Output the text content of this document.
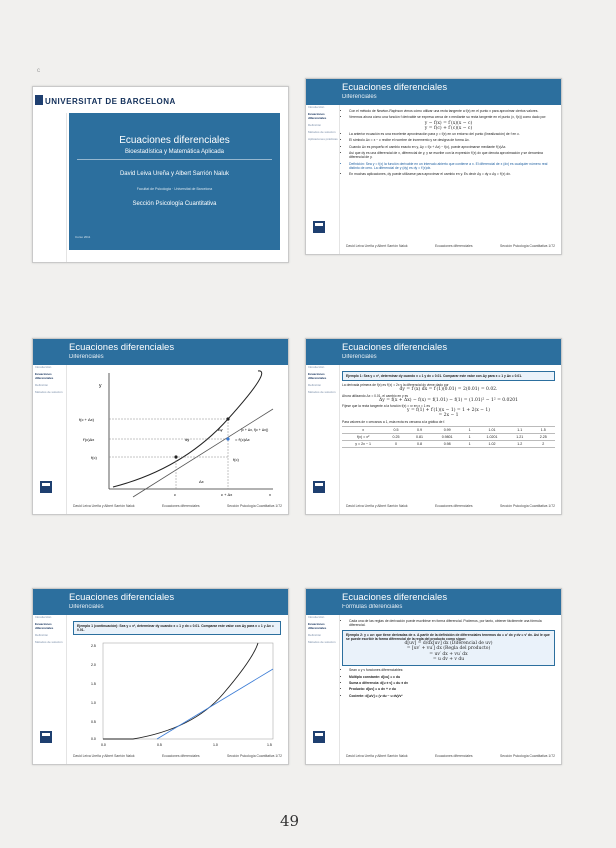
UNIVERSITAT DE BARCELONA
Ecuaciones diferenciales
Bioestadística y Matemática Aplicada
David Leiva Ureña y Albert Sarrión Naluk
Facultat de Psicologia · Universitat de Barcelona
Sección Psicología Cuantitativa
Curso 2011
c
Ecuaciones diferenciales
Diferenciales
Introducción
Ecuaciones diferenciales
Definición
Métodos de solución
Aplicaciones prácticas
• Con el método de Newton-Raphson vimos cómo utilizar una recta tangente a f(x) en el punto x para aproximar ciertos valores.
• Veremos ahora cómo una función f derivable se expresa cerca de x mediante su recta tangente en el punto (x, f(x)) como dado por:
y − f(x) = f′(x)(x − c)
y = f(c) + f′(c)(x − c)
• La anterior ecuación es una excelente aproximación para y = f(x) en un entorno del punto (linealización) de f en c.
• El símbolo Δx = x − c recibe el nombre de incremento y se designa de forma Δx.
• Cuando Δx es pequeño el cambio exacto en y, Δy = f(c + Δx) − f(c), puede aproximarse mediante f′(c)Δx.
• Así que dy es una diferencial de x, diferencial de y, y se escribe con la expresión f′(x) dx que denota aproximación y se denomina diferencial de y.
• Definición: Sea y = f(x) la función derivable en un intervalo abierto que contiene a x. El diferencial de x (dx) es cualquier número real distinto de cero. La diferencial de y (dy) es dy = f′(x)dx.
• En muchas aplicaciones, dy puede utilizarse para aproximar el cambio en y. Es decir Δy ≈ dy o Δy ≈ f′(x) dx.
David Leiva Ureña y Albert Sarrión Naluk	Ecuaciones diferenciales	Sección Psicología Cuantitativa 1/72
Ecuaciones diferenciales
Diferenciales
Introducción
Ecuaciones diferenciales
Definición
Métodos de solución
y
f(c + Δx)
f′(c)Δx
f(c)
dy
Δy
= f′(c)Δx
(c + Δx, f(c + Δx))
f(c)
c	c + Δx
Δx
x
David Leiva Ureña y Albert Sarrión Naluk	Ecuaciones diferenciales	Sección Psicología Cuantitativa 1/72
Ecuaciones diferenciales
Diferenciales
Introducción
Ecuaciones diferenciales
Definición
Métodos de solución
Ejemplo 1: Sea y = x², determinar dy cuando x = 1 y dx = 0.01. Comparar este valor con Δy para x = 1 y Δx = 0.01.
La derivada primera de f(x) es f′(x) = 2x y la diferencial dy viene dado por
dy = f′(x) dx = f′(1)(0.01) = 2(0.01) = 0.02.
Ahora utilizando Δx = 0.01, el cambio en y es
Δy = f(x + Δx) − f(x) = f(1.01) − f(1) = (1.01)² − 1² = 0.0201
Fíjese que la recta tangente a la función f(x) = x² en x = 1 es
y = f(1) + f′(1)(x − 1) = 1 + 2(x − 1)
= 2x − 1
Para valores de x cercanos a 1, esta recta es cercana a la gráfica de f.
x	0.5	0.9	0.99	1	1.01	1.1	1.5
f(x) = x²	0.25	0.81	0.9801	1	1.0201	1.21	2.25
y = 2x − 1	0	0.8	0.98	1	1.02	1.2	2
David Leiva Ureña y Albert Sarrión Naluk	Ecuaciones diferenciales	Sección Psicología Cuantitativa 1/72
Ecuaciones diferenciales
Diferenciales
Introducción
Ecuaciones diferenciales
Definición
Métodos de solución
Ejemplo 1 (continuación): Sea y = x², determinar dy cuando x = 1 y dx = 0.01. Comparar este valor con Δy para x = 1 y Δx = 0.01.
2.5
2.0
1.5
1.0
0.5
0.0
0.0	0.5	1.0	1.5
David Leiva Ureña y Albert Sarrión Naluk	Ecuaciones diferenciales	Sección Psicología Cuantitativa 1/72
Ecuaciones diferenciales
Fórmulas diferenciales
Introducción
Ecuaciones diferenciales
Definición
Métodos de solución
• Cada una de las reglas de derivación puede escribirse en forma diferencial. Podemos, por tanto, obtener fácilmente una fórmula diferencial.
Ejemplo 2: y = uv: que tiene derivadas de x. A partir de la definición de diferenciales tenemos du = u′ dx y dv = v′ dx. Así le que se puede escribir la forma diferencial de la regla del producto como sigue:
d[uv] = d/dx[uv] dx (Diferencial de uv)
= [uv′ + vu′] dx (Regla del producto)
= uv′ dx + vu′ dx
= u dv + v du
• Sean u y v funciones diferenciables:
• Múltiplo constante: d[cu] = c du
• Suma o diferencia: d[u ± v] = du ± dv
• Producto: d[uv] = u dv + v du
• Cociente: d[u/v] = (v du − u dv)/v²
David Leiva Ureña y Albert Sarrión Naluk	Ecuaciones diferenciales	Sección Psicología Cuantitativa 1/72
49
